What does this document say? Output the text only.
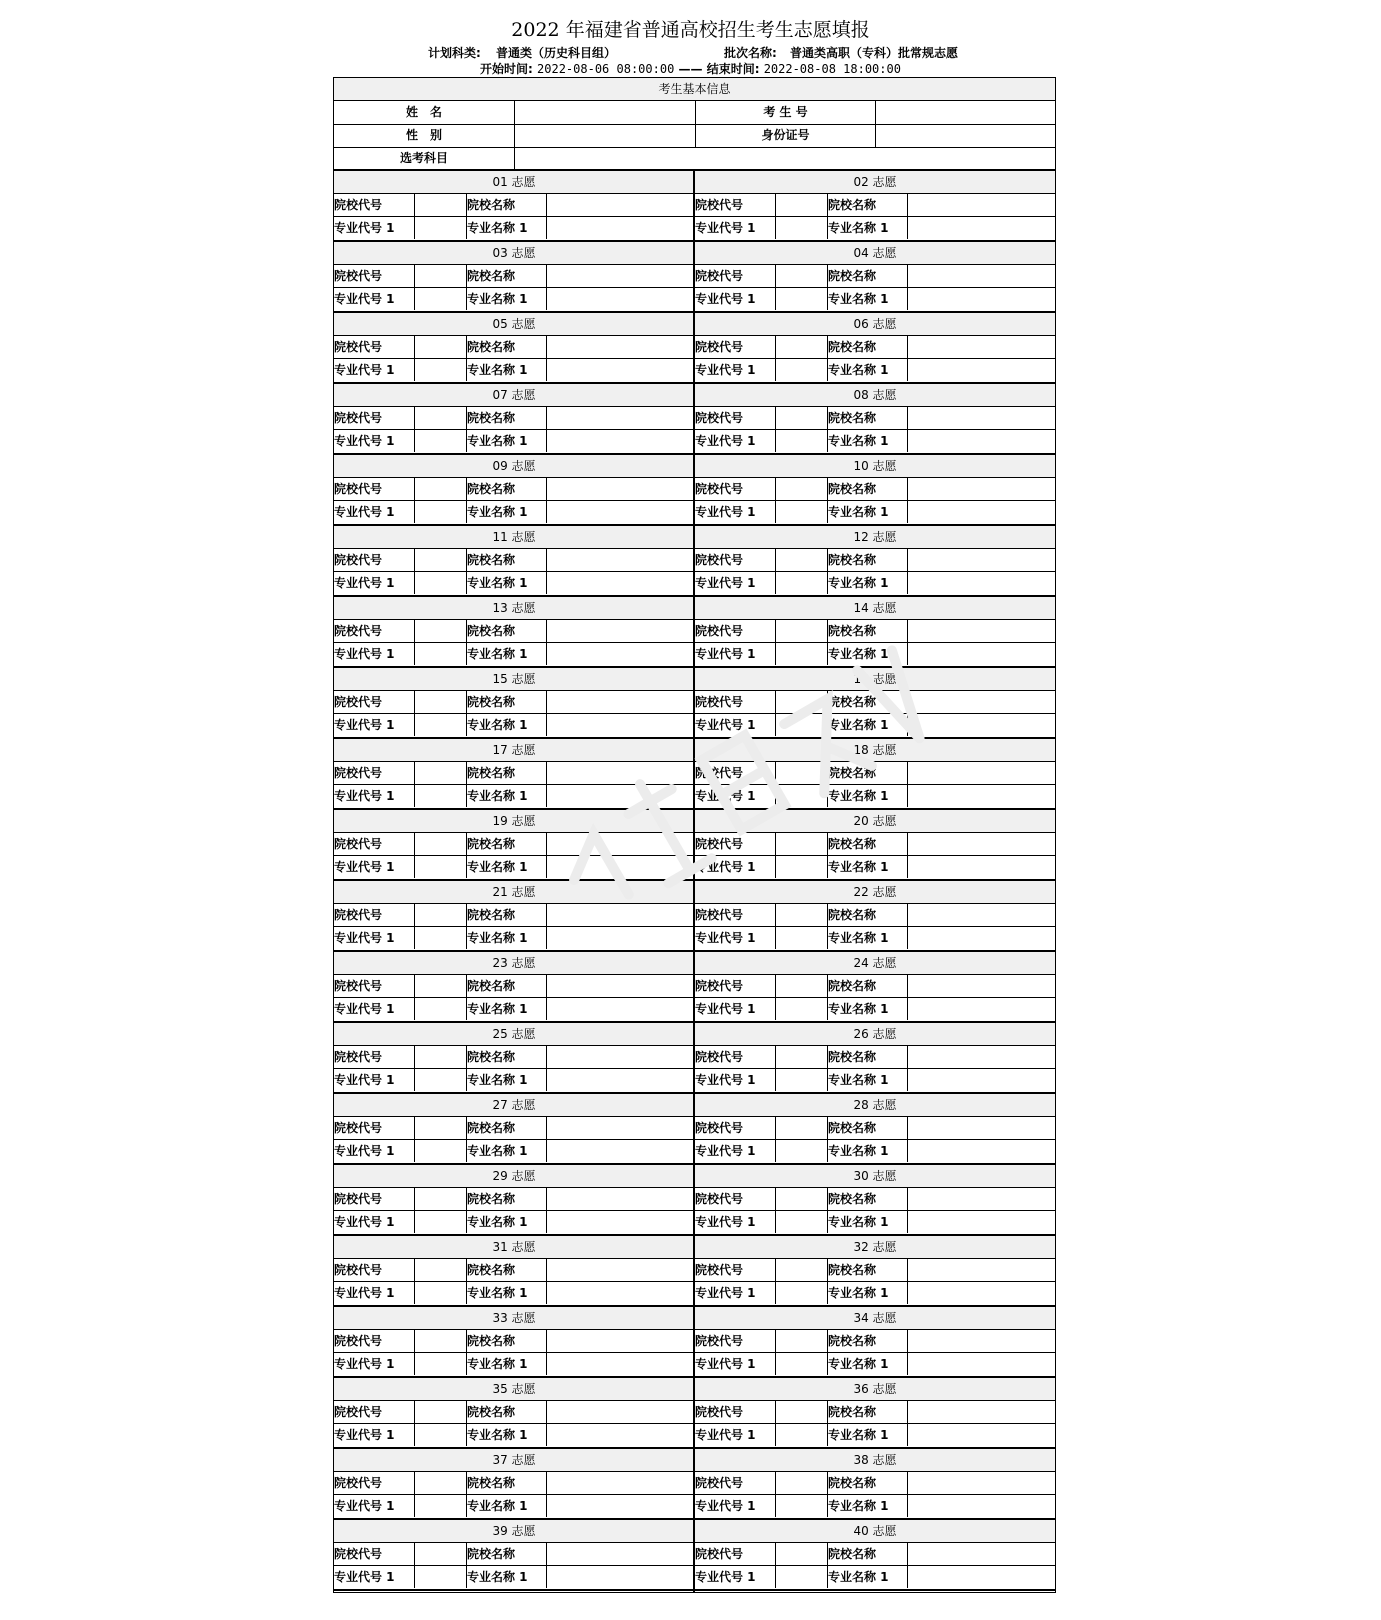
2022 年福建省普通高校招生考生志愿填报
计划科类: 普通类（历史科目组）	批次名称: 普通类高职（专科）批常规志愿
开始时间: 2022-08-06 08:00:00 —— 结束时间: 2022-08-08 18:00:00
考生基本信息
姓　名	考 生 号
性　别	身份证号
选考科目
01 志愿
院校代号	院校名称
专业代号 1	专业名称 1
02 志愿
院校代号	院校名称
专业代号 1	专业名称 1
03 志愿
院校代号	院校名称
专业代号 1	专业名称 1
04 志愿
院校代号	院校名称
专业代号 1	专业名称 1
05 志愿
院校代号	院校名称
专业代号 1	专业名称 1
06 志愿
院校代号	院校名称
专业代号 1	专业名称 1
07 志愿
院校代号	院校名称
专业代号 1	专业名称 1
08 志愿
院校代号	院校名称
专业代号 1	专业名称 1
09 志愿
院校代号	院校名称
专业代号 1	专业名称 1
10 志愿
院校代号	院校名称
专业代号 1	专业名称 1
11 志愿
院校代号	院校名称
专业代号 1	专业名称 1
12 志愿
院校代号	院校名称
专业代号 1	专业名称 1
13 志愿
院校代号	院校名称
专业代号 1	专业名称 1
14 志愿
院校代号	院校名称
专业代号 1	专业名称 1
15 志愿
院校代号	院校名称
专业代号 1	专业名称 1
16 志愿
院校代号	院校名称
专业代号 1	专业名称 1
17 志愿
院校代号	院校名称
专业代号 1	专业名称 1
18 志愿
院校代号	院校名称
专业代号 1	专业名称 1
19 志愿
院校代号	院校名称
专业代号 1	专业名称 1
20 志愿
院校代号	院校名称
专业代号 1	专业名称 1
21 志愿
院校代号	院校名称
专业代号 1	专业名称 1
22 志愿
院校代号	院校名称
专业代号 1	专业名称 1
23 志愿
院校代号	院校名称
专业代号 1	专业名称 1
24 志愿
院校代号	院校名称
专业代号 1	专业名称 1
25 志愿
院校代号	院校名称
专业代号 1	专业名称 1
26 志愿
院校代号	院校名称
专业代号 1	专业名称 1
27 志愿
院校代号	院校名称
专业代号 1	专业名称 1
28 志愿
院校代号	院校名称
专业代号 1	专业名称 1
29 志愿
院校代号	院校名称
专业代号 1	专业名称 1
30 志愿
院校代号	院校名称
专业代号 1	专业名称 1
31 志愿
院校代号	院校名称
专业代号 1	专业名称 1
32 志愿
院校代号	院校名称
专业代号 1	专业名称 1
33 志愿
院校代号	院校名称
专业代号 1	专业名称 1
34 志愿
院校代号	院校名称
专业代号 1	专业名称 1
35 志愿
院校代号	院校名称
专业代号 1	专业名称 1
36 志愿
院校代号	院校名称
专业代号 1	专业名称 1
37 志愿
院校代号	院校名称
专业代号 1	专业名称 1
38 志愿
院校代号	院校名称
专业代号 1	专业名称 1
39 志愿
院校代号	院校名称
专业代号 1	专业名称 1
40 志愿
院校代号	院校名称
专业代号 1	专业名称 1
